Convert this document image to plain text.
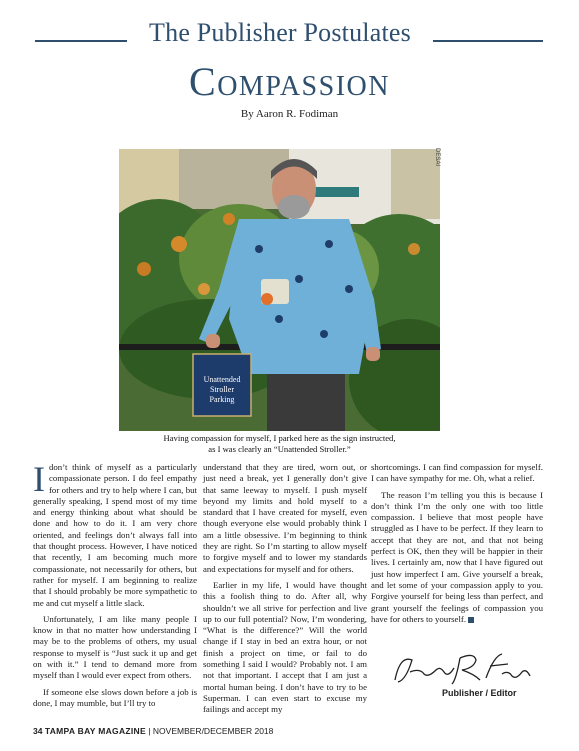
The Publisher Postulates
Compassion
By Aaron R. Fodiman
Unattended
Stroller
Parking
DESAI
Having compassion for myself, I parked here as the sign instructed,
as I was clearly an “Unattended Stroller.”

Idon’t think of myself as a particularly compassionate person. I do feel empathy for others and try to help where I can, but generally speaking, I spend most of my time and energy thinking about what should be done and how to do it. I am very chore oriented, and feelings don’t always fall into that thought process. However, I have noticed that recently, I am becoming much more compassionate, not necessarily for others, but rather for myself. I am beginning to realize that I should probably be more sympathetic to me and cut myself a little slack.

Unfortunately, I am like many people I know in that no matter how understanding I may be to the problems of others, my usual response to myself is “Just suck it up and get on with it.” I tend to demand more from myself than I would ever expect from others.

If someone else slows down before a job is done, I may mumble, but I’ll try to

understand that they are tired, worn out, or just need a break, yet I generally don’t give that same leeway to myself. I push myself beyond my limits and hold myself to a standard that I have created for myself, even though everyone else would probably think I am a little obsessive. I’m beginning to think they are right. So I’m starting to allow myself to forgive myself and to lower my standards and expectations for myself and for others.

Earlier in my life, I would have thought this a foolish thing to do. After all, why shouldn’t we all strive for perfection and live up to our full potential? Now, I’m wondering, “What is the difference?” Will the world change if I stay in bed an extra hour, or not finish a project on time, or fail to do something I said I would? Probably not. I am not that important. I accept that I am just a mortal human being. I don’t have to try to be Superman. I can even start to excuse my failings and accept my

shortcomings. I can find compassion for myself. I can have sympathy for me. Oh, what a relief.

The reason I’m telling you this is because I don’t think I’m the only one with too little compassion. I believe that most people have struggled as I have to be perfect. If they learn to accept that they are not, and that not being perfect is OK, then they will be happier in their lives. I certainly am, now that I have figured out just how imperfect I am. Give yourself a break, and let some of your compassion apply to you. Forgive yourself for being less than perfect, and grant yourself the feelings of compassion you have for others to yourself.

Publisher / Editor
34 TAMPA BAY MAGAZINE | NOVEMBER/DECEMBER 2018
